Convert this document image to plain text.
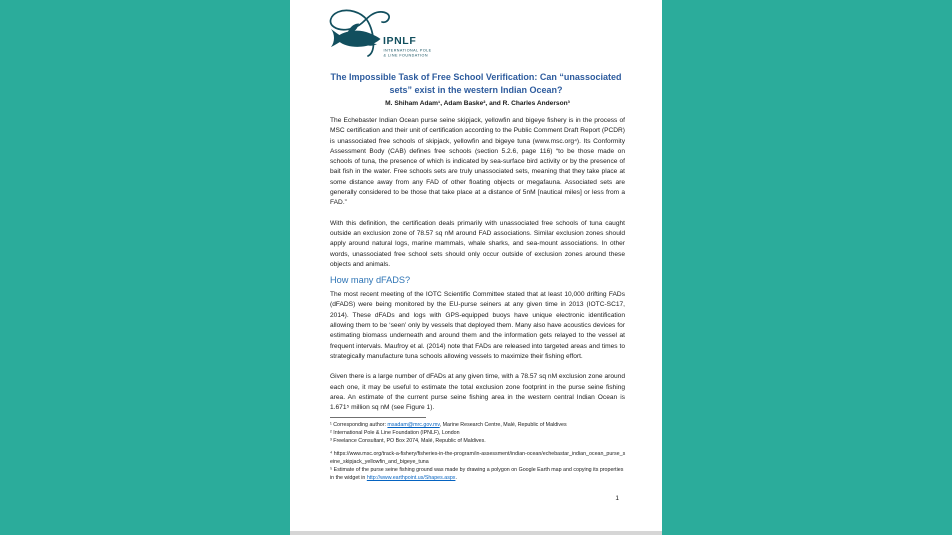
IPNLF
INTERNATIONAL POLE
& LINE FOUNDATION
The Impossible Task of Free School Verification: Can “unassociated sets” exist in the western Indian Ocean?
M. Shiham Adam¹, Adam Baske², and R. Charles Anderson³

The Echebaster Indian Ocean purse seine skipjack, yellowfin and bigeye fishery is in the process of MSC certification and their unit of certification according to the Public Comment Draft Report (PCDR) is unassociated free schools of skipjack, yellowfin and bigeye tuna (www.msc.org⁴). Its Conformity Assessment Body (CAB) defines free schools (section 5.2.6, page 116) “to be those made on schools of tuna, the presence of which is indicated by sea-surface bird activity or by the presence of bait fish in the water. Free schools sets are truly unassociated sets, meaning that they take place at some distance away from any FAD of other floating objects or megafauna. Associated sets are generally considered to be those that take place at a distance of 5nM [nautical miles] or less from a FAD.”

With this definition, the certification deals primarily with unassociated free schools of tuna caught outside an exclusion zone of 78.57 sq nM around FAD associations. Similar exclusion zones should apply around natural logs, marine mammals, whale sharks, and sea-mount associations. In other words, unassociated free school sets should only occur outside of exclusion zones around these objects and animals.

How many dFADS?

The most recent meeting of the IOTC Scientific Committee stated that at least 10,000 drifting FADs (dFADS) were being monitored by the EU-purse seiners at any given time in 2013 (IOTC-SC17, 2014). These dFADs and logs with GPS-equipped buoys have unique electronic identification allowing them to be ‘seen’ only by vessels that deployed them. Many also have acoustics devices for estimating biomass underneath and around them and the information gets relayed to the vessel at frequent intervals. Maufroy et al. (2014) note that FADs are released into targeted areas and times to strategically manufacture tuna schools allowing vessels to maximize their fishing effort.

Given there is a large number of dFADs at any given time, with a 78.57 sq nM exclusion zone around each one, it may be useful to estimate the total exclusion zone footprint in the purse seine fishing area. An estimate of the current purse seine fishing area in the western central Indian Ocean is 1.671⁵ million sq nM (see Figure 1).

¹ Corresponding author: msadam@mrc.gov.mv, Marine Research Centre, Malé, Republic of Maldives

² International Pole & Line Foundation (IPNLF), London

³ Freelance Consultant, PO Box 2074, Malé, Republic of Maldives.

⁴ https://www.msc.org/track-a-fishery/fisheries-in-the-program/in-assessment/indian-ocean/echebastar_indian_ocean_purse_seine_skipjack_yellowfin_and_bigeye_tuna

⁵ Estimate of the purse seine fishing ground was made by drawing a polygon on Google Earth map and copying its properties in the widget in http://www.earthpoint.us/Shapes.aspx.

1
